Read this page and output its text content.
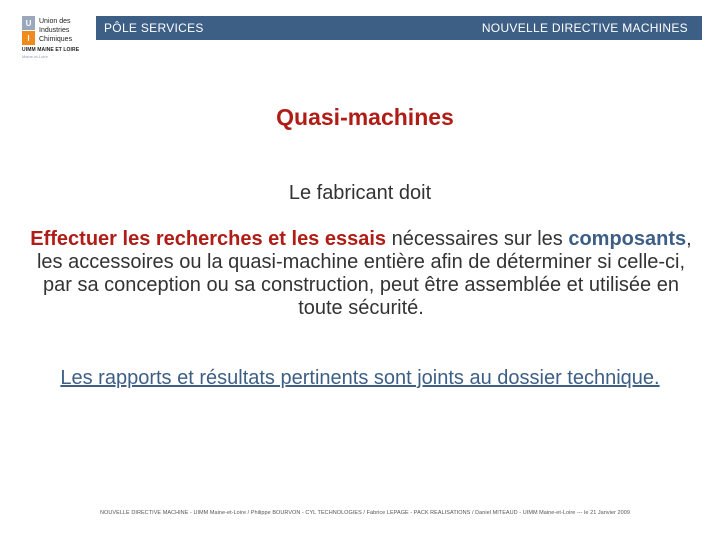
U
I
Union des
Industries
Chimiques
UIMM MAINE ET LOIRE
Maine-et-Loire
PÔLE SERVICES	NOUVELLE DIRECTIVE MACHINES
Quasi-machines
Le fabricant doit
Effectuer les recherches et les essais nécessaires sur les composants, les accessoires ou la quasi-machine entière afin de déterminer si celle-ci,
par sa conception ou sa construction, peut être assemblée et utilisée en toute sécurité.
Les rapports et résultats pertinents sont joints au dossier technique.
NOUVELLE DIRECTIVE MACHINE - UIMM Maine-et-Loire / Philippe BOURVON - CYL TECHNOLOGIES / Fabrice LEPAGE - PACK REALISATIONS / Daniel MITEAUD - UIMM Maine-et-Loire --- le 21 Janvier 2009
